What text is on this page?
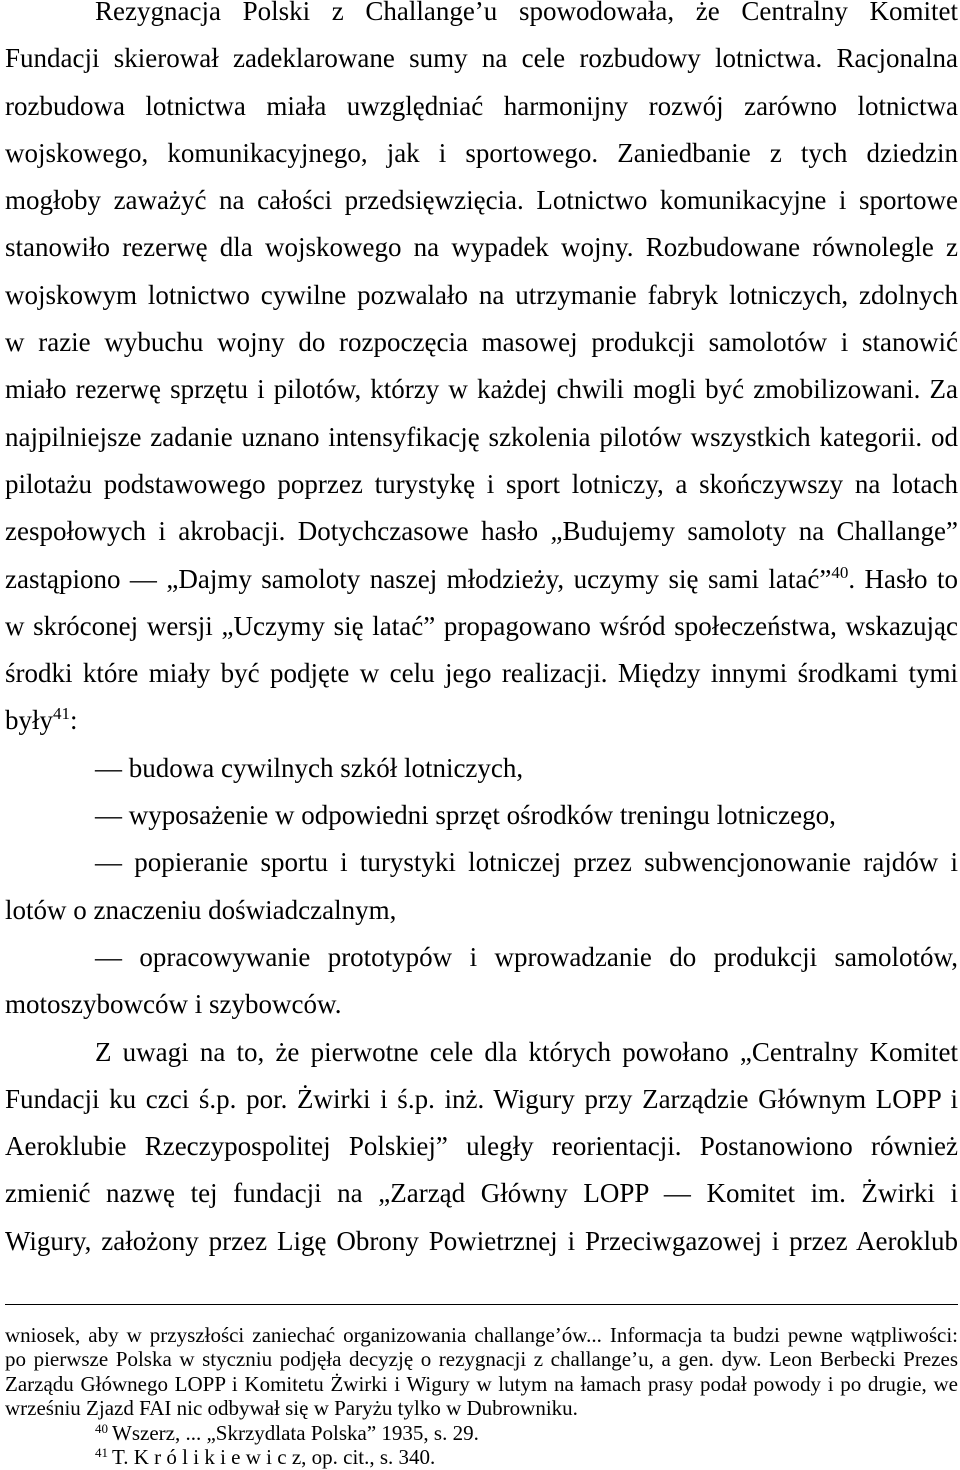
Rezygnacja Polski z Challange’u spowodowała, że Centralny Komitet
Fundacji skierował zadeklarowane sumy na cele rozbudowy lotnictwa. Racjonalna
rozbudowa lotnictwa miała uwzględniać harmonijny rozwój zarówno lotnictwa
wojskowego, komunikacyjnego, jak i sportowego. Zaniedbanie z tych dziedzin
mogłoby zaważyć na całości przedsięwzięcia. Lotnictwo komunikacyjne i sportowe
stanowiło rezerwę dla wojskowego na wypadek wojny. Rozbudowane równolegle z
wojskowym lotnictwo cywilne pozwalało na utrzymanie fabryk lotniczych, zdolnych
w razie wybuchu wojny do rozpoczęcia masowej produkcji samolotów i stanowić
miało rezerwę sprzętu i pilotów, którzy w każdej chwili mogli być zmobilizowani. Za
najpilniejsze zadanie uznano intensyfikację szkolenia pilotów wszystkich kategorii. od
pilotażu podstawowego poprzez turystykę i sport lotniczy, a skończywszy na lotach
zespołowych i akrobacji. Dotychczasowe hasło „Budujemy samoloty na Challange”
zastąpiono — „Dajmy samoloty naszej młodzieży, uczymy się sami latać”$^{40}$. Hasło to
w skróconej wersji „Uczymy się latać” propagowano wśród społeczeństwa, wskazując
środki które miały być podjęte w celu jego realizacji. Między innymi środkami tymi
były$^{41}$:
— budowa cywilnych szkół lotniczych,
— wyposażenie w odpowiedni sprzęt ośrodków treningu lotniczego,
— popieranie sportu i turystyki lotniczej przez subwencjonowanie rajdów i
lotów o znaczeniu doświadczalnym,
— opracowywanie prototypów i wprowadzanie do produkcji samolotów,
motoszybowców i szybowców.
Z uwagi na to, że pierwotne cele dla których powołano „Centralny Komitet
Fundacji ku czci ś.p. por. Żwirki i ś.p. inż. Wigury przy Zarządzie Głównym LOPP i
Aeroklubie Rzeczypospolitej Polskiej” uległy reorientacji. Postanowiono również
zmienić nazwę tej fundacji na „Zarząd Główny LOPP — Komitet im. Żwirki i
Wigury, założony przez Ligę Obrony Powietrznej i Przeciwgazowej i przez Aeroklub
wniosek, aby w przyszłości zaniechać organizowania challange’ów... Informacja ta budzi pewne wątpliwości:
po pierwsze Polska w styczniu podjęła decyzję o rezygnacji z challange’u, a gen. dyw. Leon Berbecki Prezes
Zarządu Głównego LOPP i Komitetu Żwirki i Wigury w lutym na łamach prasy podał powody i po drugie, we
wrześniu Zjazd FAI nic odbywał się w Paryżu tylko w Dubrowniku.
$^{40}$ Wszerz, ... „Skrzydlata Polska” 1935, s. 29.
$^{41}$ T. K r ó l i k i e w i c z, op. cit., s. 340.
